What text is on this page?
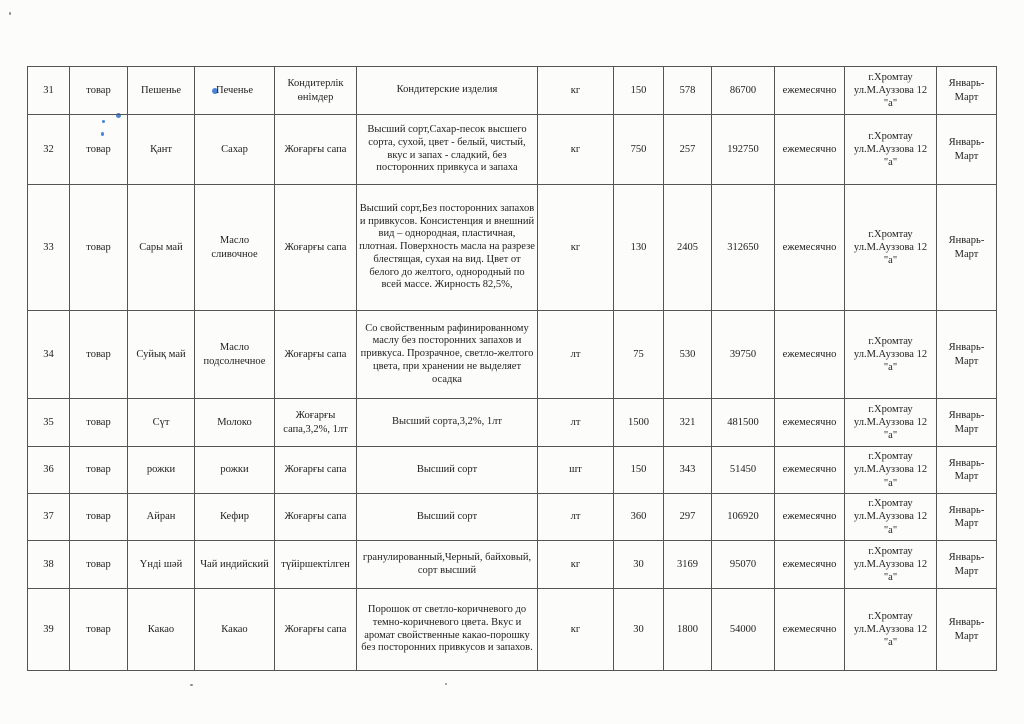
31	товар	Пешенье	Печенье	Кондитерлік өнімдер	Кондитерские изделия	кг	150	578	86700	ежемесячно	г.Хромтау ул.М.Ауззова 12 "а"	Январь-Март
32	товар	Қант	Сахар	Жоғарғы сапа	Высший сорт,Сахар-песок высшего сорта, сухой, цвет - белый, чистый, вкус и запах - сладкий, без посторонних привкуса и запаха	кг	750	257	192750	ежемесячно	г.Хромтау ул.М.Ауззова 12 "а"	Январь-Март
33	товар	Сары май	Масло сливочное	Жоғарғы сапа	Высший сорт,Без посторонних запахов и привкусов. Консистенция и внешний вид – однородная, пластичная, плотная. Поверхность масла на разрезе блестящая, сухая на вид. Цвет от белого до желтого, однородный по всей массе. Жирность 82,5%,	кг	130	2405	312650	ежемесячно	г.Хромтау ул.М.Ауззова 12 "а"	Январь-Март
34	товар	Суйық май	Масло подсолнечное	Жоғарғы сапа	Со свойственным рафинированному маслу без посторонних запахов и привкуса. Прозрачное, светло-желтого цвета, при хранении не выделяет осадка	лт	75	530	39750	ежемесячно	г.Хромтау ул.М.Ауззова 12 "а"	Январь-Март
35	товар	Сүт	Молоко	Жоғарғы сапа,3,2%, 1лт	Высший сорта,3,2%, 1лт	лт	1500	321	481500	ежемесячно	г.Хромтау ул.М.Ауззова 12 "а"	Январь-Март
36	товар	рожки	рожки	Жоғарғы сапа	Высший сорт	шт	150	343	51450	ежемесячно	г.Хромтау ул.М.Ауззова 12 "а"	Январь-Март
37	товар	Айран	Кефир	Жоғарғы сапа	Высший сорт	лт	360	297	106920	ежемесячно	г.Хромтау ул.М.Ауззова 12 "а"	Январь-Март
38	товар	Үнді шәй	Чай индийский	түйіршектілген	гранулированный,Черный, байховый, сорт высший	кг	30	3169	95070	ежемесячно	г.Хромтау ул.М.Ауззова 12 "а"	Январь-Март
39	товар	Какао	Какао	Жоғарғы сапа	Порошок от светло-коричневого до темно-коричневого цвета. Вкус и аромат свойственные какао-порошку без посторонних привкусов и запахов.	кг	30	1800	54000	ежемесячно	г.Хромтау ул.М.Ауззова 12 "а"	Январь-Март
